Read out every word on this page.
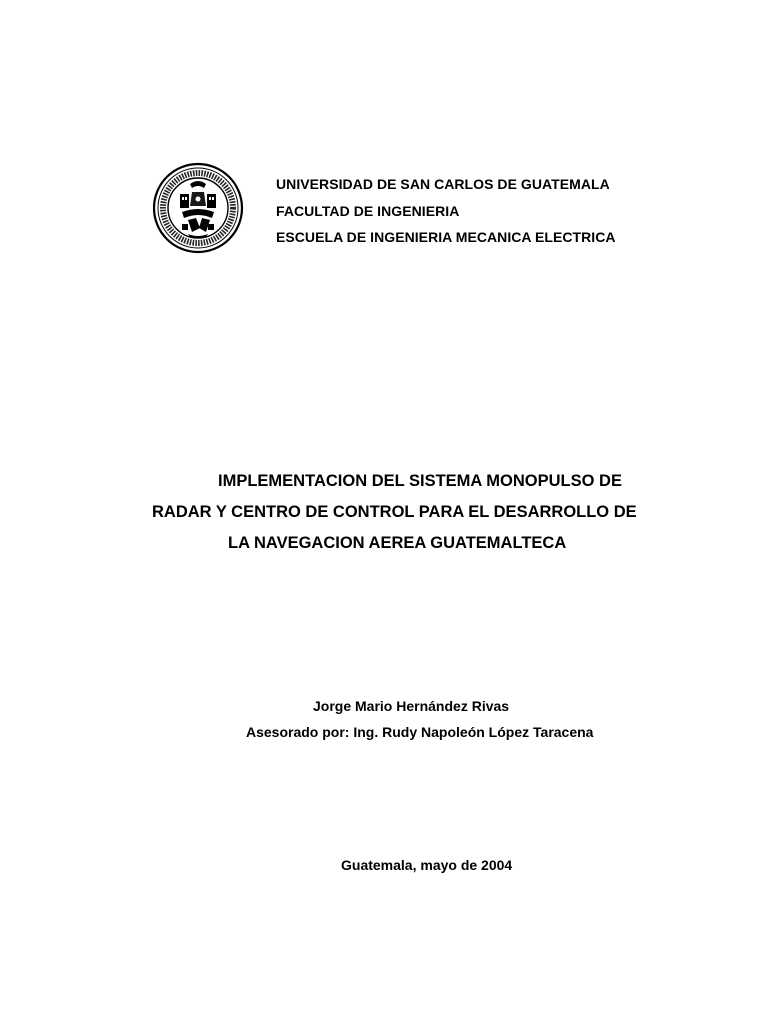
UNIVERSIDAD DE SAN CARLOS DE GUATEMALA
FACULTAD DE INGENIERIA
ESCUELA DE INGENIERIA MECANICA ELECTRICA
IMPLEMENTACION DEL SISTEMA MONOPULSO DE
RADAR Y CENTRO DE CONTROL PARA EL DESARROLLO DE
LA NAVEGACION AEREA GUATEMALTECA
Jorge Mario Hernández Rivas
Asesorado por: Ing. Rudy Napoleón López Taracena
Guatemala, mayo de 2004
